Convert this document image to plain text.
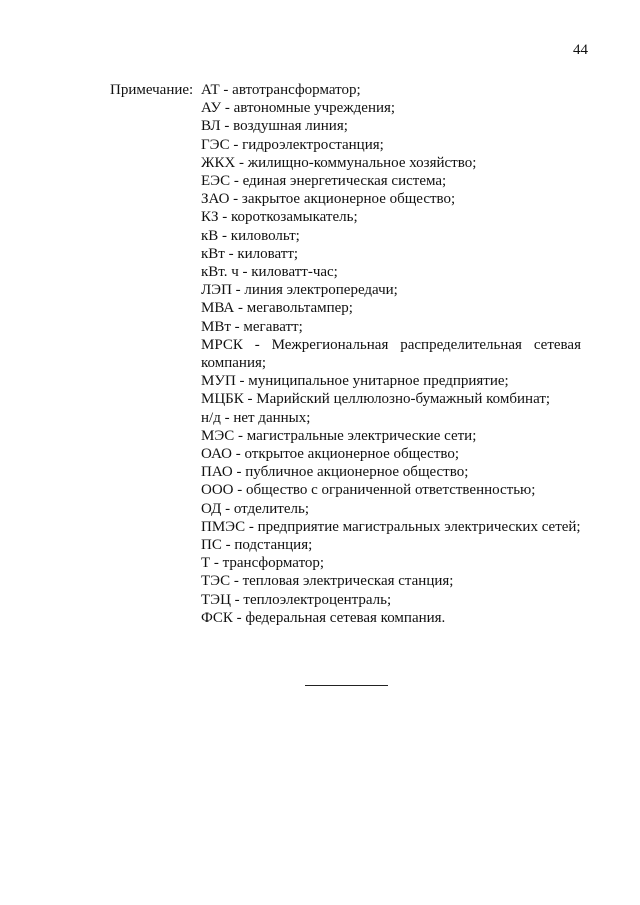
44
Примечание: АТ - автотрансформатор;
АУ - автономные учреждения;
ВЛ - воздушная линия;
ГЭС - гидроэлектростанция;
ЖКХ - жилищно-коммунальное хозяйство;
ЕЭС - единая энергетическая система;
ЗАО - закрытое акционерное общество;
КЗ - короткозамыкатель;
кВ - киловольт;
кВт - киловатт;
кВт. ч - киловатт-час;
ЛЭП - линия электропередачи;
МВА - мегавольтампер;
МВт - мегаватт;
МРСК - Межрегиональная распределительная сетевая компания;
МУП - муниципальное унитарное предприятие;
МЦБК - Марийский целлюлозно-бумажный комбинат;
н/д - нет данных;
МЭС - магистральные электрические сети;
ОАО - открытое акционерное общество;
ПАО - публичное акционерное общество;
ООО - общество с ограниченной ответственностью;
ОД - отделитель;
ПМЭС - предприятие магистральных электрических сетей;
ПС - подстанция;
Т - трансформатор;
ТЭС - тепловая электрическая станция;
ТЭЦ - теплоэлектроцентраль;
ФСК - федеральная сетевая компания.
